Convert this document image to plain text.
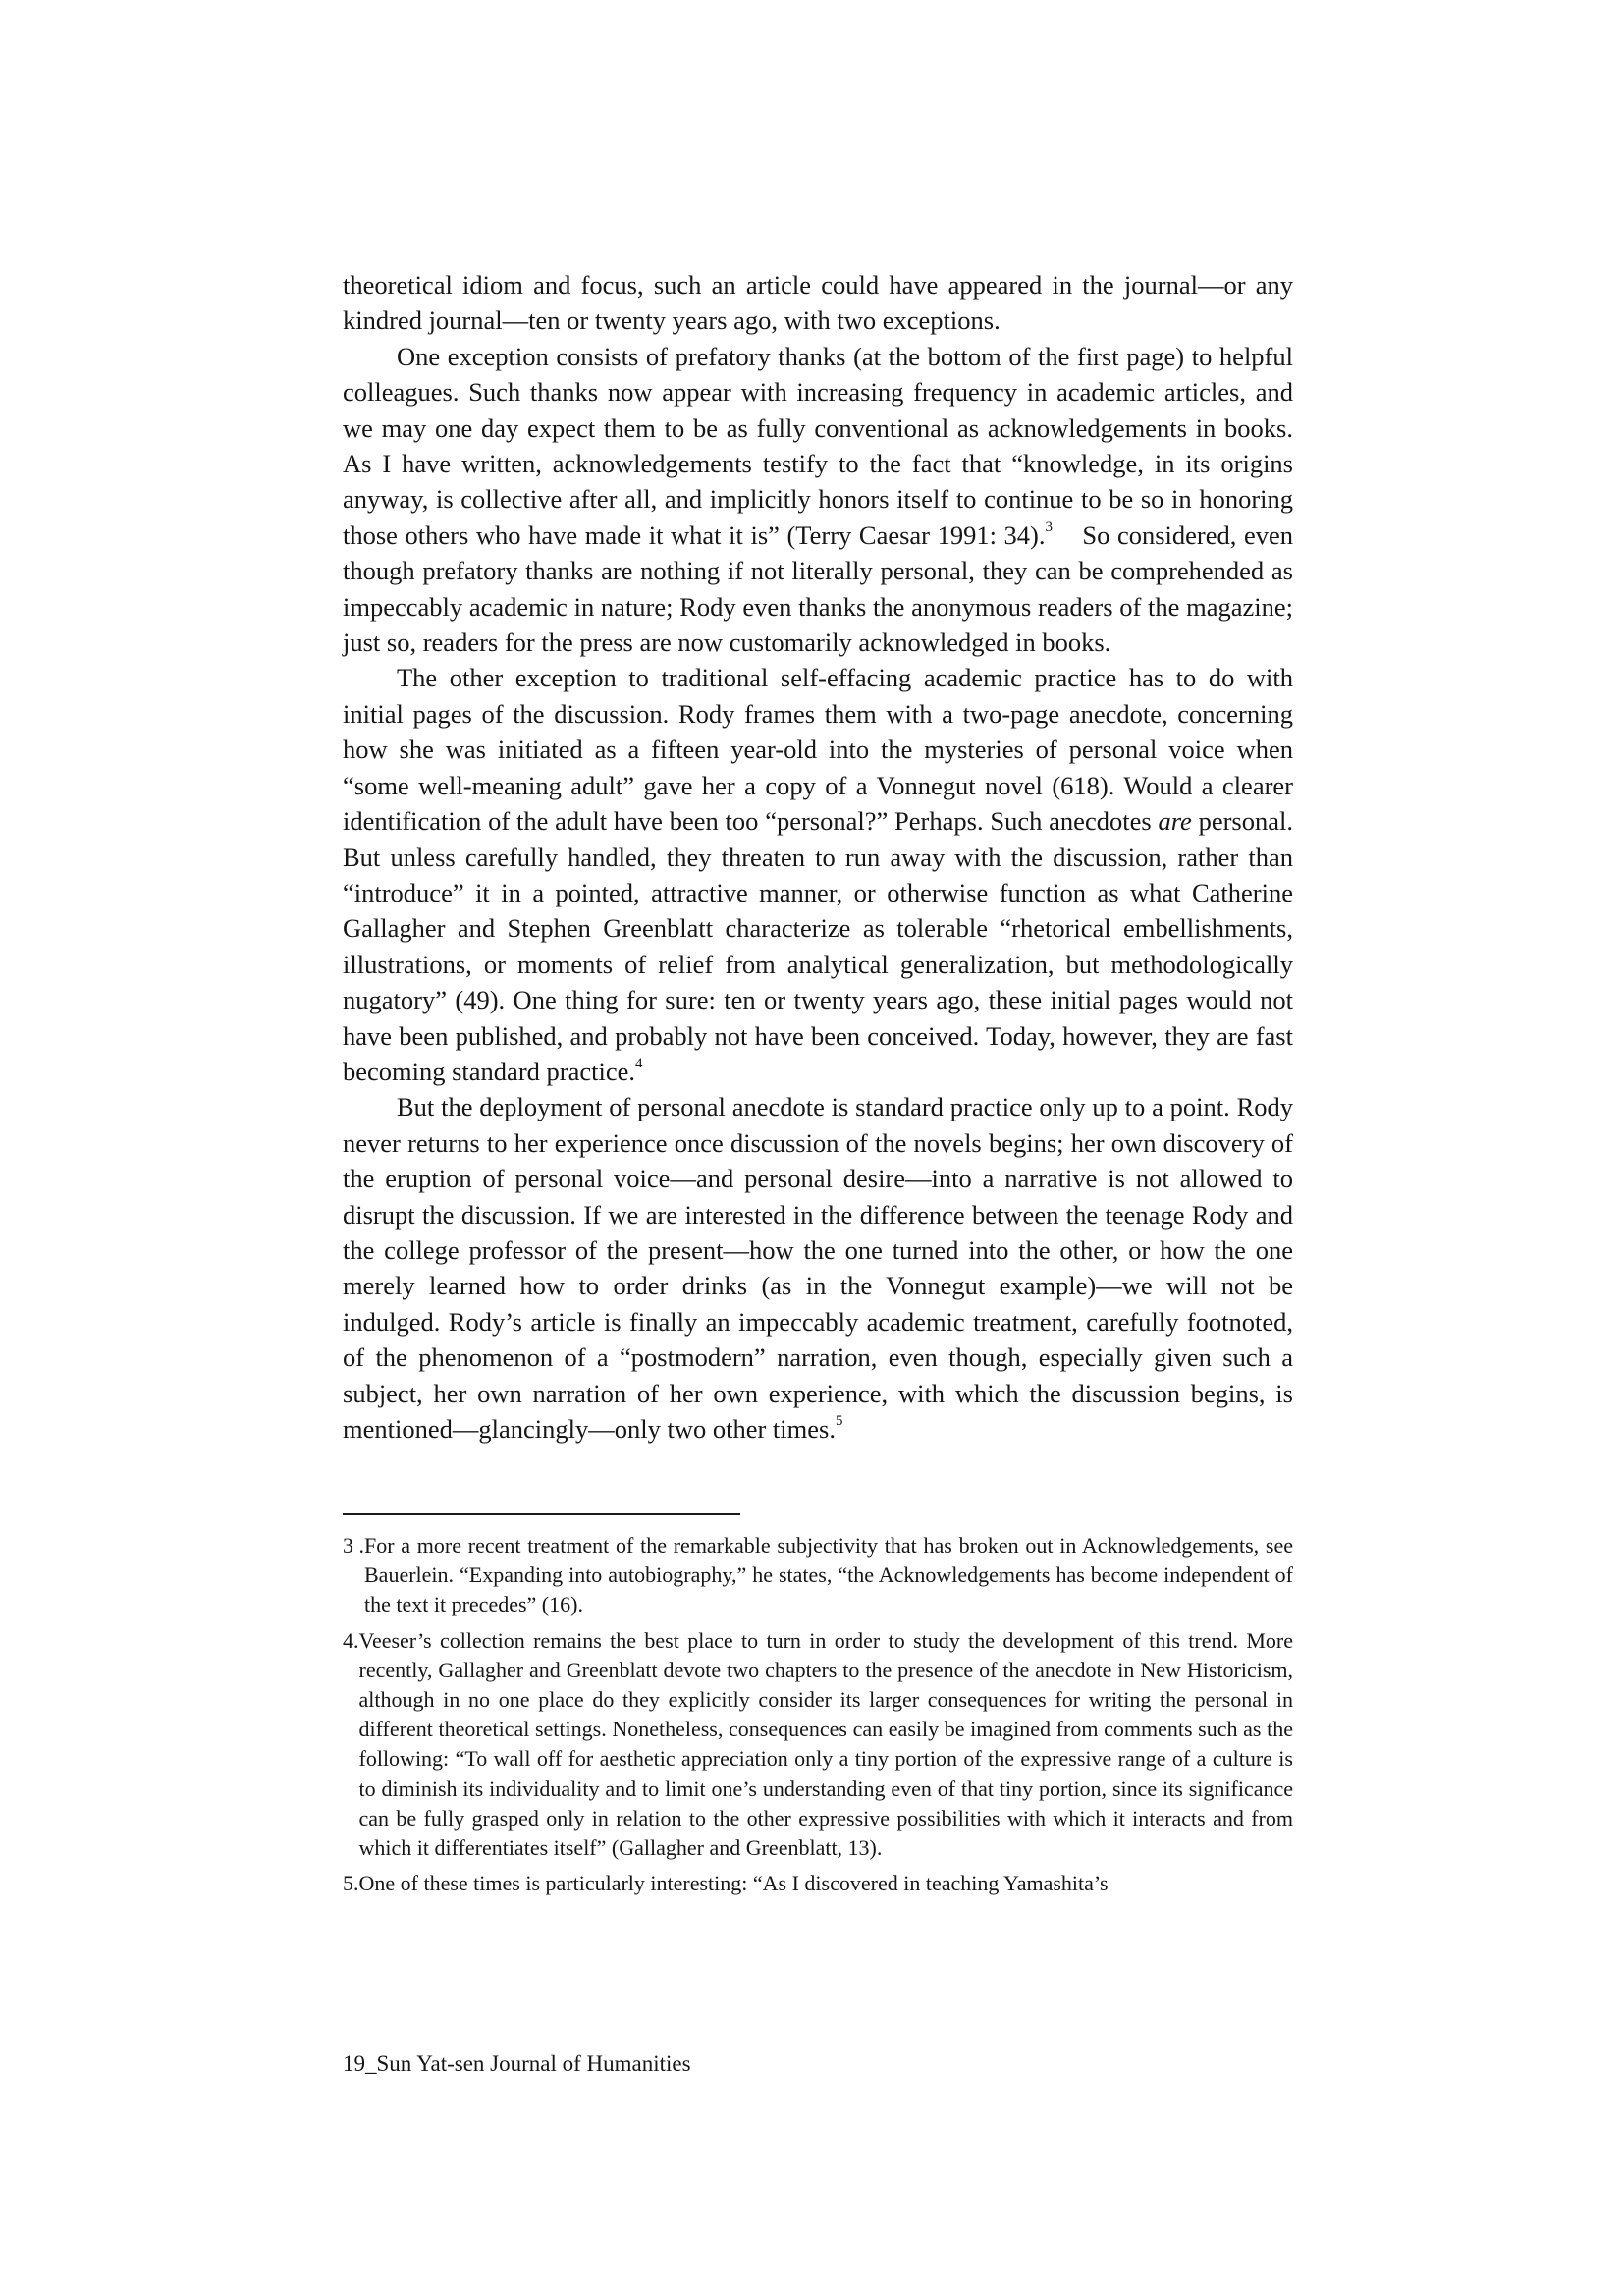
theoretical idiom and focus, such an article could have appeared in the journal—or any kindred journal—ten or twenty years ago, with two exceptions.

One exception consists of prefatory thanks (at the bottom of the first page) to helpful colleagues. Such thanks now appear with increasing frequency in academic articles, and we may one day expect them to be as fully conventional as acknowledgements in books. As I have written, acknowledgements testify to the fact that “knowledge, in its origins anyway, is collective after all, and implicitly honors itself to continue to be so in honoring those others who have made it what it is” (Terry Caesar 1991: 34).$^3$ So considered, even though prefatory thanks are nothing if not literally personal, they can be comprehended as impeccably academic in nature; Rody even thanks the anonymous readers of the magazine; just so, readers for the press are now customarily acknowledged in books.

The other exception to traditional self-effacing academic practice has to do with initial pages of the discussion. Rody frames them with a two-page anecdote, concerning how she was initiated as a fifteen year-old into the mysteries of personal voice when “some well-meaning adult” gave her a copy of a Vonnegut novel (618). Would a clearer identification of the adult have been too “personal?” Perhaps. Such anecdotes are personal. But unless carefully handled, they threaten to run away with the discussion, rather than “introduce” it in a pointed, attractive manner, or otherwise function as what Catherine Gallagher and Stephen Greenblatt characterize as tolerable “rhetorical embellishments, illustrations, or moments of relief from analytical generalization, but methodologically nugatory” (49). One thing for sure: ten or twenty years ago, these initial pages would not have been published, and probably not have been conceived. Today, however, they are fast becoming standard practice.$^4$

But the deployment of personal anecdote is standard practice only up to a point. Rody never returns to her experience once discussion of the novels begins; her own discovery of the eruption of personal voice—and personal desire—into a narrative is not allowed to disrupt the discussion. If we are interested in the difference between the teenage Rody and the college professor of the present—how the one turned into the other, or how the one merely learned how to order drinks (as in the Vonnegut example)—we will not be indulged. Rody’s article is finally an impeccably academic treatment, carefully footnoted, of the phenomenon of a “postmodern” narration, even though, especially given such a subject, her own narration of her own experience, with which the discussion begins, is mentioned—glancingly—only two other times.$^5$

3 . For a more recent treatment of the remarkable subjectivity that has broken out in Acknowledgements, see Bauerlein. “Expanding into autobiography,” he states, “the Acknowledgements has become independent of the text it precedes” (16).
4. Veeser’s collection remains the best place to turn in order to study the development of this trend. More recently, Gallagher and Greenblatt devote two chapters to the presence of the anecdote in New Historicism, although in no one place do they explicitly consider its larger consequences for writing the personal in different theoretical settings. Nonetheless, consequences can easily be imagined from comments such as the following: “To wall off for aesthetic appreciation only a tiny portion of the expressive range of a culture is to diminish its individuality and to limit one’s understanding even of that tiny portion, since its significance can be fully grasped only in relation to the other expressive possibilities with which it interacts and from which it differentiates itself” (Gallagher and Greenblatt, 13).
5. One of these times is particularly interesting: “As I discovered in teaching Yamashita’s
19_Sun Yat-sen Journal of Humanities
